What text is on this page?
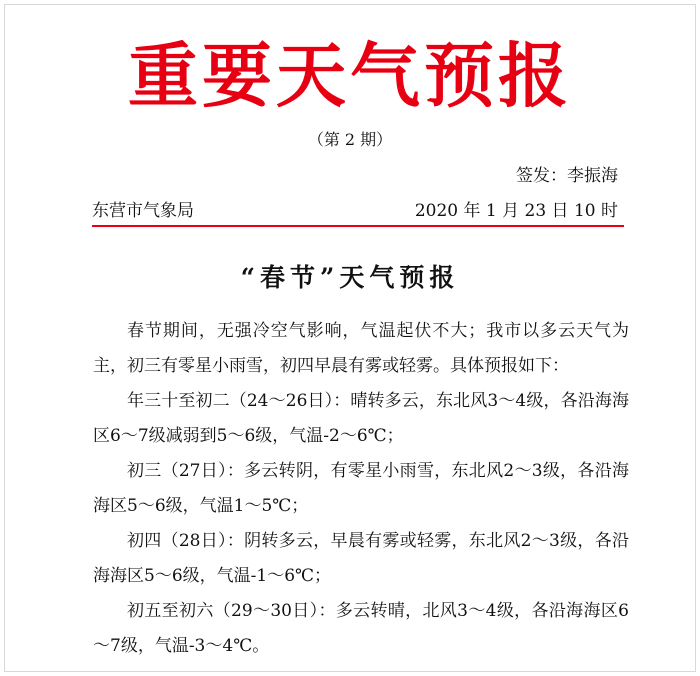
重要天气预报
（第 2 期）
签发：李振海
东营市气象局	2020 年 1 月 23 日 10 时
“春节”天气预报

春节期间，无强冷空气影响，气温起伏不大；我市以多云天气为主，初三有零星小雨雪，初四早晨有雾或轻雾。具体预报如下：

年三十至初二（24～26日）：晴转多云，东北风3～4级，各沿海海区6～7级减弱到5～6级，气温-2～6℃；

初三（27日）：多云转阴，有零星小雨雪，东北风2～3级，各沿海海区5～6级，气温1～5℃；

初四（28日）：阴转多云，早晨有雾或轻雾，东北风2～3级，各沿海海区5～6级，气温-1～6℃；

初五至初六（29～30日）：多云转晴，北风3～4级，各沿海海区6～7级，气温-3～4℃。
